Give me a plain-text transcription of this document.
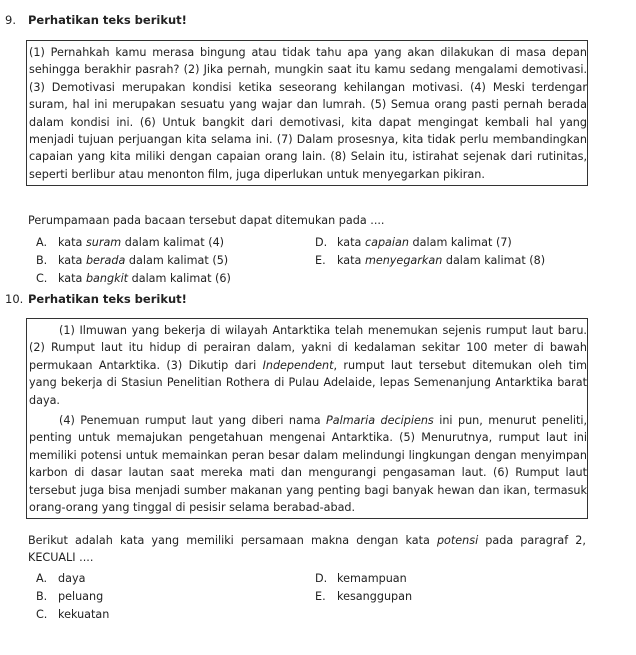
9. Perhatikan teks berikut!

(1) Pernahkah kamu merasa bingung atau tidak tahu apa yang akan dilakukan di masa depan sehingga berakhir pasrah? (2) Jika pernah, mungkin saat itu kamu sedang mengalami demotivasi. (3) Demotivasi merupakan kondisi ketika seseorang kehilangan motivasi. (4) Meski terdengar suram, hal ini merupakan sesuatu yang wajar dan lumrah. (5) Semua orang pasti pernah berada dalam kondisi ini. (6) Untuk bangkit dari demotivasi, kita dapat mengingat kembali hal yang menjadi tujuan perjuangan kita selama ini. (7) Dalam prosesnya, kita tidak perlu membandingkan capaian yang kita miliki dengan capaian orang lain. (8) Selain itu, istirahat sejenak dari rutinitas, seperti berlibur atau menonton film, juga diperlukan untuk menyegarkan pikiran.

Perumpamaan pada bacaan tersebut dapat ditemukan pada ....
A. kata suram dalam kalimat (4)
B. kata berada dalam kalimat (5)
C. kata bangkit dalam kalimat (6)
D. kata capaian dalam kalimat (7)
E. kata menyegarkan dalam kalimat (8)
10. Perhatikan teks berikut!

(1) Ilmuwan yang bekerja di wilayah Antarktika telah menemukan sejenis rumput laut baru. (2) Rumput laut itu hidup di perairan dalam, yakni di kedalaman sekitar 100 meter di bawah permukaan Antarktika. (3) Dikutip dari Independent, rumput laut tersebut ditemukan oleh tim yang bekerja di Stasiun Penelitian Rothera di Pulau Adelaide, lepas Semenanjung Antarktika barat daya.

(4) Penemuan rumput laut yang diberi nama Palmaria decipiens ini pun, menurut peneliti, penting untuk memajukan pengetahuan mengenai Antarktika. (5) Menurutnya, rumput laut ini memiliki potensi untuk memainkan peran besar dalam melindungi lingkungan dengan menyimpan karbon di dasar lautan saat mereka mati dan mengurangi pengasaman laut. (6) Rumput laut tersebut juga bisa menjadi sumber makanan yang penting bagi banyak hewan dan ikan, termasuk orang-orang yang tinggal di pesisir selama berabad-abad.

Berikut adalah kata yang memiliki persamaan makna dengan kata potensi pada paragraf 2, KECUALI ....
A. daya
B. peluang
C. kekuatan
D. kemampuan
E. kesanggupan
